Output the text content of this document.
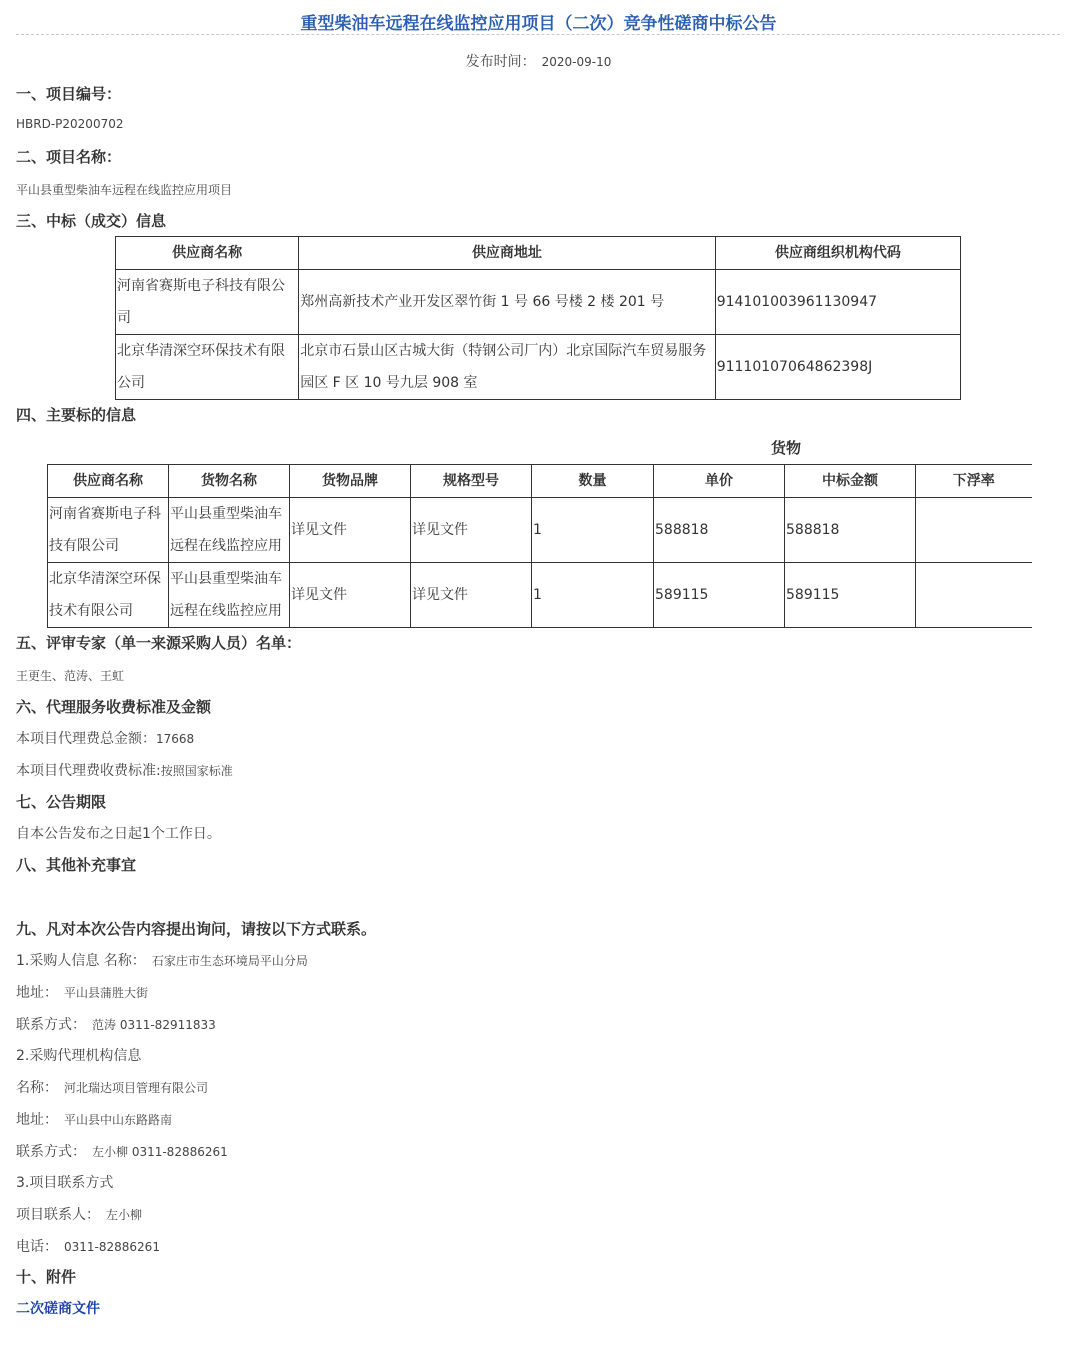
重型柴油车远程在线监控应用项目（二次）竞争性磋商中标公告
发布时间： 2020-09-10
一、项目编号：
HBRD-P20200702
二、项目名称：
平山县重型柴油车远程在线监控应用项目
三、中标（成交）信息
供应商名称	供应商地址	供应商组织机构代码
河南省赛斯电子科技有限公司	郑州高新技术产业开发区翠竹街 1 号 66 号楼 2 楼 201 号	914101003961130947
北京华清深空环保技术有限公司	北京市石景山区古城大街（特钢公司厂内）北京国际汽车贸易服务园区 F 区 10 号九层 908 室	91110107064862398J
四、主要标的信息
货物
供应商名称	货物名称	货物品牌	规格型号	数量	单价	中标金额	下浮率
河南省赛斯电子科技有限公司	平山县重型柴油车远程在线监控应用	详见文件	详见文件	1	588818	588818	
北京华清深空环保技术有限公司	平山县重型柴油车远程在线监控应用	详见文件	详见文件	1	589115	589115	
五、评审专家（单一来源采购人员）名单：
王更生、范涛、王虹
六、代理服务收费标准及金额
本项目代理费总金额：17668
本项目代理费收费标准:按照国家标准
七、公告期限
自本公告发布之日起1个工作日。
八、其他补充事宜
九、凡对本次公告内容提出询问，请按以下方式联系。
1.采购人信息 名称： 石家庄市生态环境局平山分局
地址： 平山县蒲胜大街
联系方式： 范涛 0311-82911833
2.采购代理机构信息
名称： 河北瑞达项目管理有限公司
地址： 平山县中山东路路南
联系方式： 左小柳 0311-82886261
3.项目联系方式
项目联系人： 左小柳
电话： 0311-82886261
十、附件
二次磋商文件
